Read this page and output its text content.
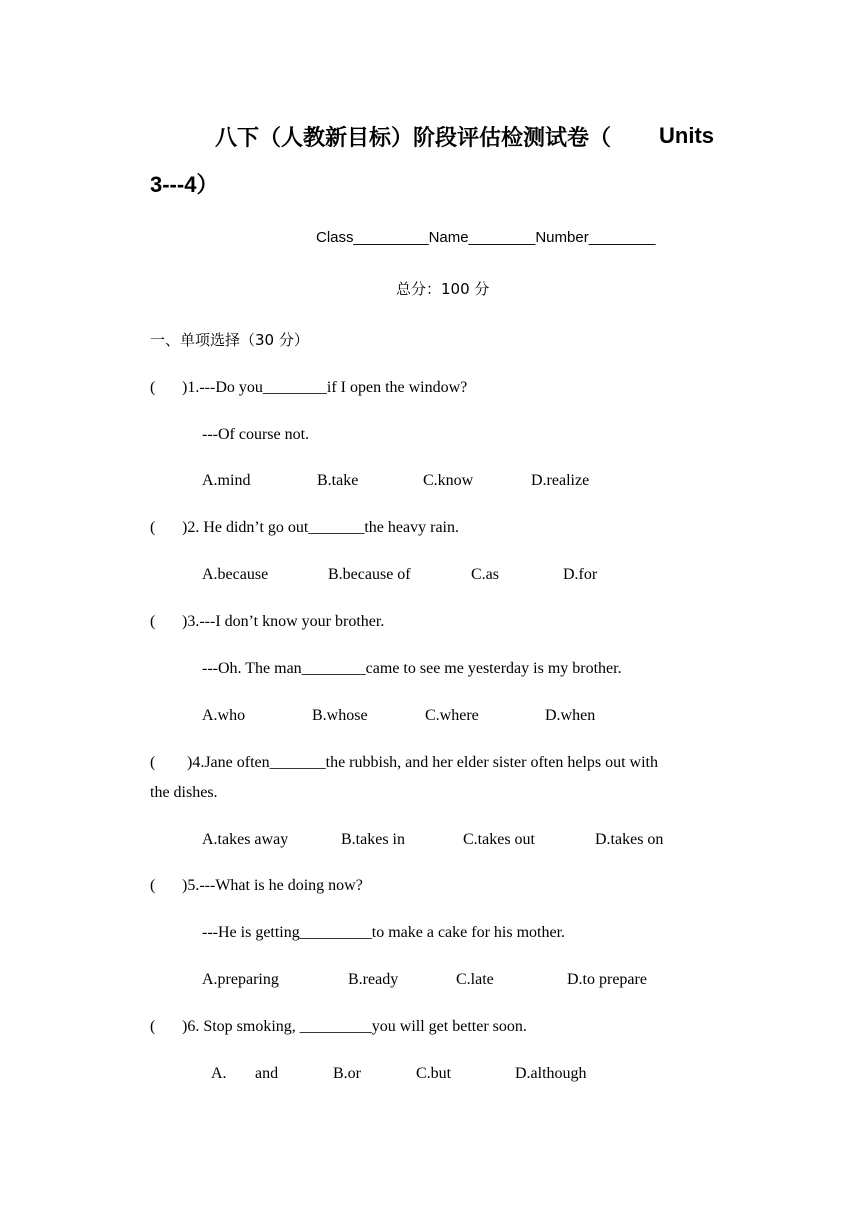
八下（人教新目标）阶段评估检测试卷（ Units
3---4）
Class_________Name________Number________
总分：100 分
一、单项选择（30 分）
( )1.---Do you________if I open the window?
---Of course not.
A.mind	B.take	C.know	D.realize
( )2. He didn’t go out_______the heavy rain.
A.because	B.because of	C.as	D.for
( )3.---I don’t know your brother.
---Oh. The man________came to see me yesterday is my brother.
A.who	B.whose	C.where	D.when
( )4.Jane often_______the rubbish, and her elder sister often helps out with
the dishes.
A.takes away	B.takes in	C.takes out	D.takes on
( )5.---What is he doing now?
---He is getting_________to make a cake for his mother.
A.preparing	B.ready	C.late	D.to prepare
( )6. Stop smoking, _________you will get better soon.
A. and	B.or	C.but	D.although
